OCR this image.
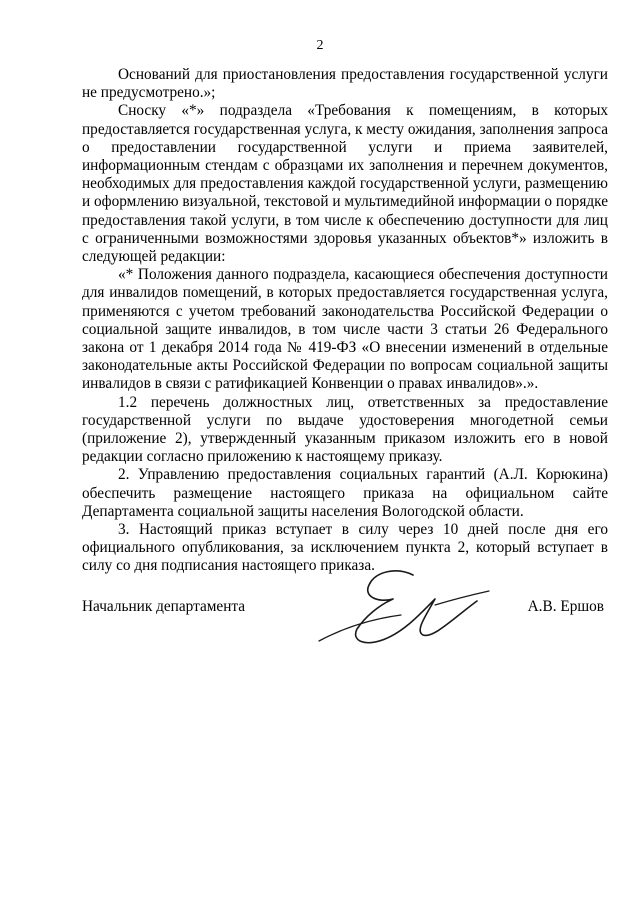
2

Оснований для приостановления предоставления государственной услуги не предусмотрено.»;

Сноску «*» подраздела «Требования к помещениям, в которых предоставляется государственная услуга, к месту ожидания, заполнения запроса о предоставлении государственной услуги и приема заявителей, информационным стендам с образцами их заполнения и перечнем документов, необходимых для предоставления каждой государственной услуги, размещению и оформлению визуальной, текстовой и мультимедийной информации о порядке предоставления такой услуги, в том числе к обеспечению доступности для лиц с ограниченными возможностями здоровья указанных объектов*» изложить в следующей редакции:

«* Положения данного подраздела, касающиеся обеспечения доступности для инвалидов помещений, в которых предоставляется государственная услуга, применяются с учетом требований законодательства Российской Федерации о социальной защите инвалидов, в том числе части 3 статьи 26 Федерального закона от 1 декабря 2014 года № 419-ФЗ «О внесении изменений в отдельные законодательные акты Российской Федерации по вопросам социальной защиты инвалидов в связи с ратификацией Конвенции о правах инвалидов».».

1.2 перечень должностных лиц, ответственных за предоставление государственной услуги по выдаче удостоверения многодетной семьи (приложение 2), утвержденный указанным приказом изложить его в новой редакции согласно приложению к настоящему приказу.

2. Управлению предоставления социальных гарантий (А.Л. Корюкина) обеспечить размещение настоящего приказа на официальном сайте Департамента социальной защиты населения Вологодской области.

3. Настоящий приказ вступает в силу через 10 дней после дня его официального опубликования, за исключением пункта 2, который вступает в силу со дня подписания настоящего приказа.

Начальник департамента	А.В. Ершов
